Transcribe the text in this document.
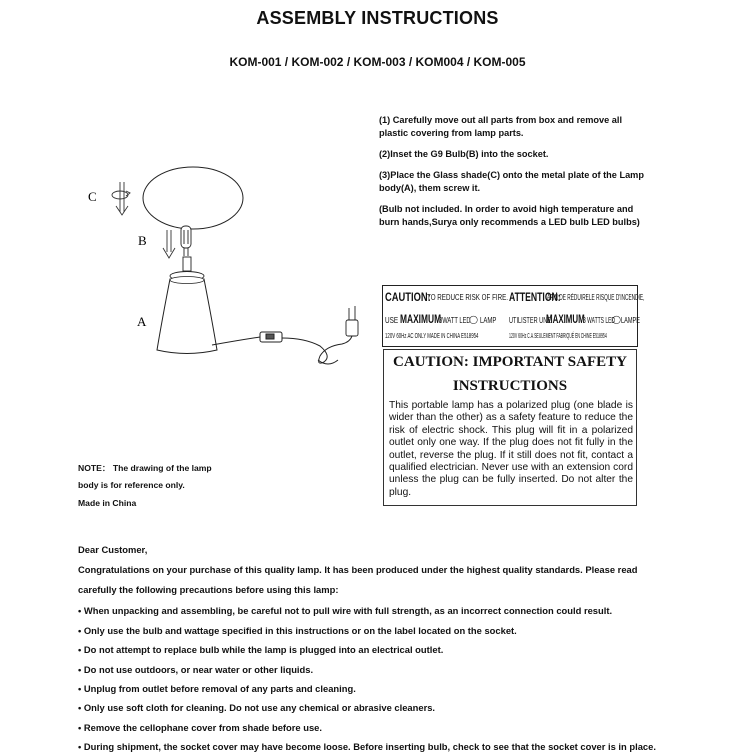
ASSEMBLY INSTRUCTIONS
KOM-001 / KOM-002 / KOM-003 / KOM004 / KOM-005

(1) Carefully move out all parts from box and remove all plastic covering from lamp parts.

(2)Inset the G9 Bulb(B) into the socket.

(3)Place the Glass shade(C) onto the metal plate of the Lamp body(A), them screw it.

(Bulb not included. In order to avoid high temperature and burn hands,Surya only recommends a LED bulb LED bulbs)

C
B
A
CAUTION:
TO REDUCE RISK OF FIRE. ATTENTION:
AFIN DE RÉDUIRELE RISQUE D'INCENDIE,
USE MAXIMUM
3WATT LED
◯ LAMP UTILISTER UNE
MAXIMUM
3 WATTS LED
◯ LAMPE
120V 60Hz AC ONLY MADE IN CHINA E518954	120V 60Hz C.A.SEULEMENT FABRIQUÉ EN CHINE E518954
CAUTION: IMPORTANT SAFETY
INSTRUCTIONS
This portable lamp has a polarized plug (one blade is wider than the other) as a safety feature to reduce the risk of electric shock. This plug will fit in a polarized outlet only one way. If the plug does not fit fully in the outlet, reverse the plug. If it still does not fit, contact a qualified electrician. Never use with an extension cord unless the plug can be fully inserted. Do not alter the plug.
NOTE： The drawing of the lamp
body is for reference only.
Made in China
Dear Customer,
Congratulations on your purchase of this quality lamp. It has been produced under the highest quality standards. Please read
carefully the following precautions before using this lamp:
• When unpacking and assembling, be careful not to pull wire with full strength, as an incorrect connection could result.
• Only use the bulb and wattage specified in this instructions or on the label located on the socket.
• Do not attempt to replace bulb while the lamp is plugged into an electrical outlet.
• Do not use outdoors, or near water or other liquids.
• Unplug from outlet before removal of any parts and cleaning.
• Only use soft cloth for cleaning. Do not use any chemical or abrasive cleaners.
• Remove the cellophane cover from shade before use.
• During shipment, the socket cover may have become loose. Before inserting bulb, check to see that the socket cover is in place.
